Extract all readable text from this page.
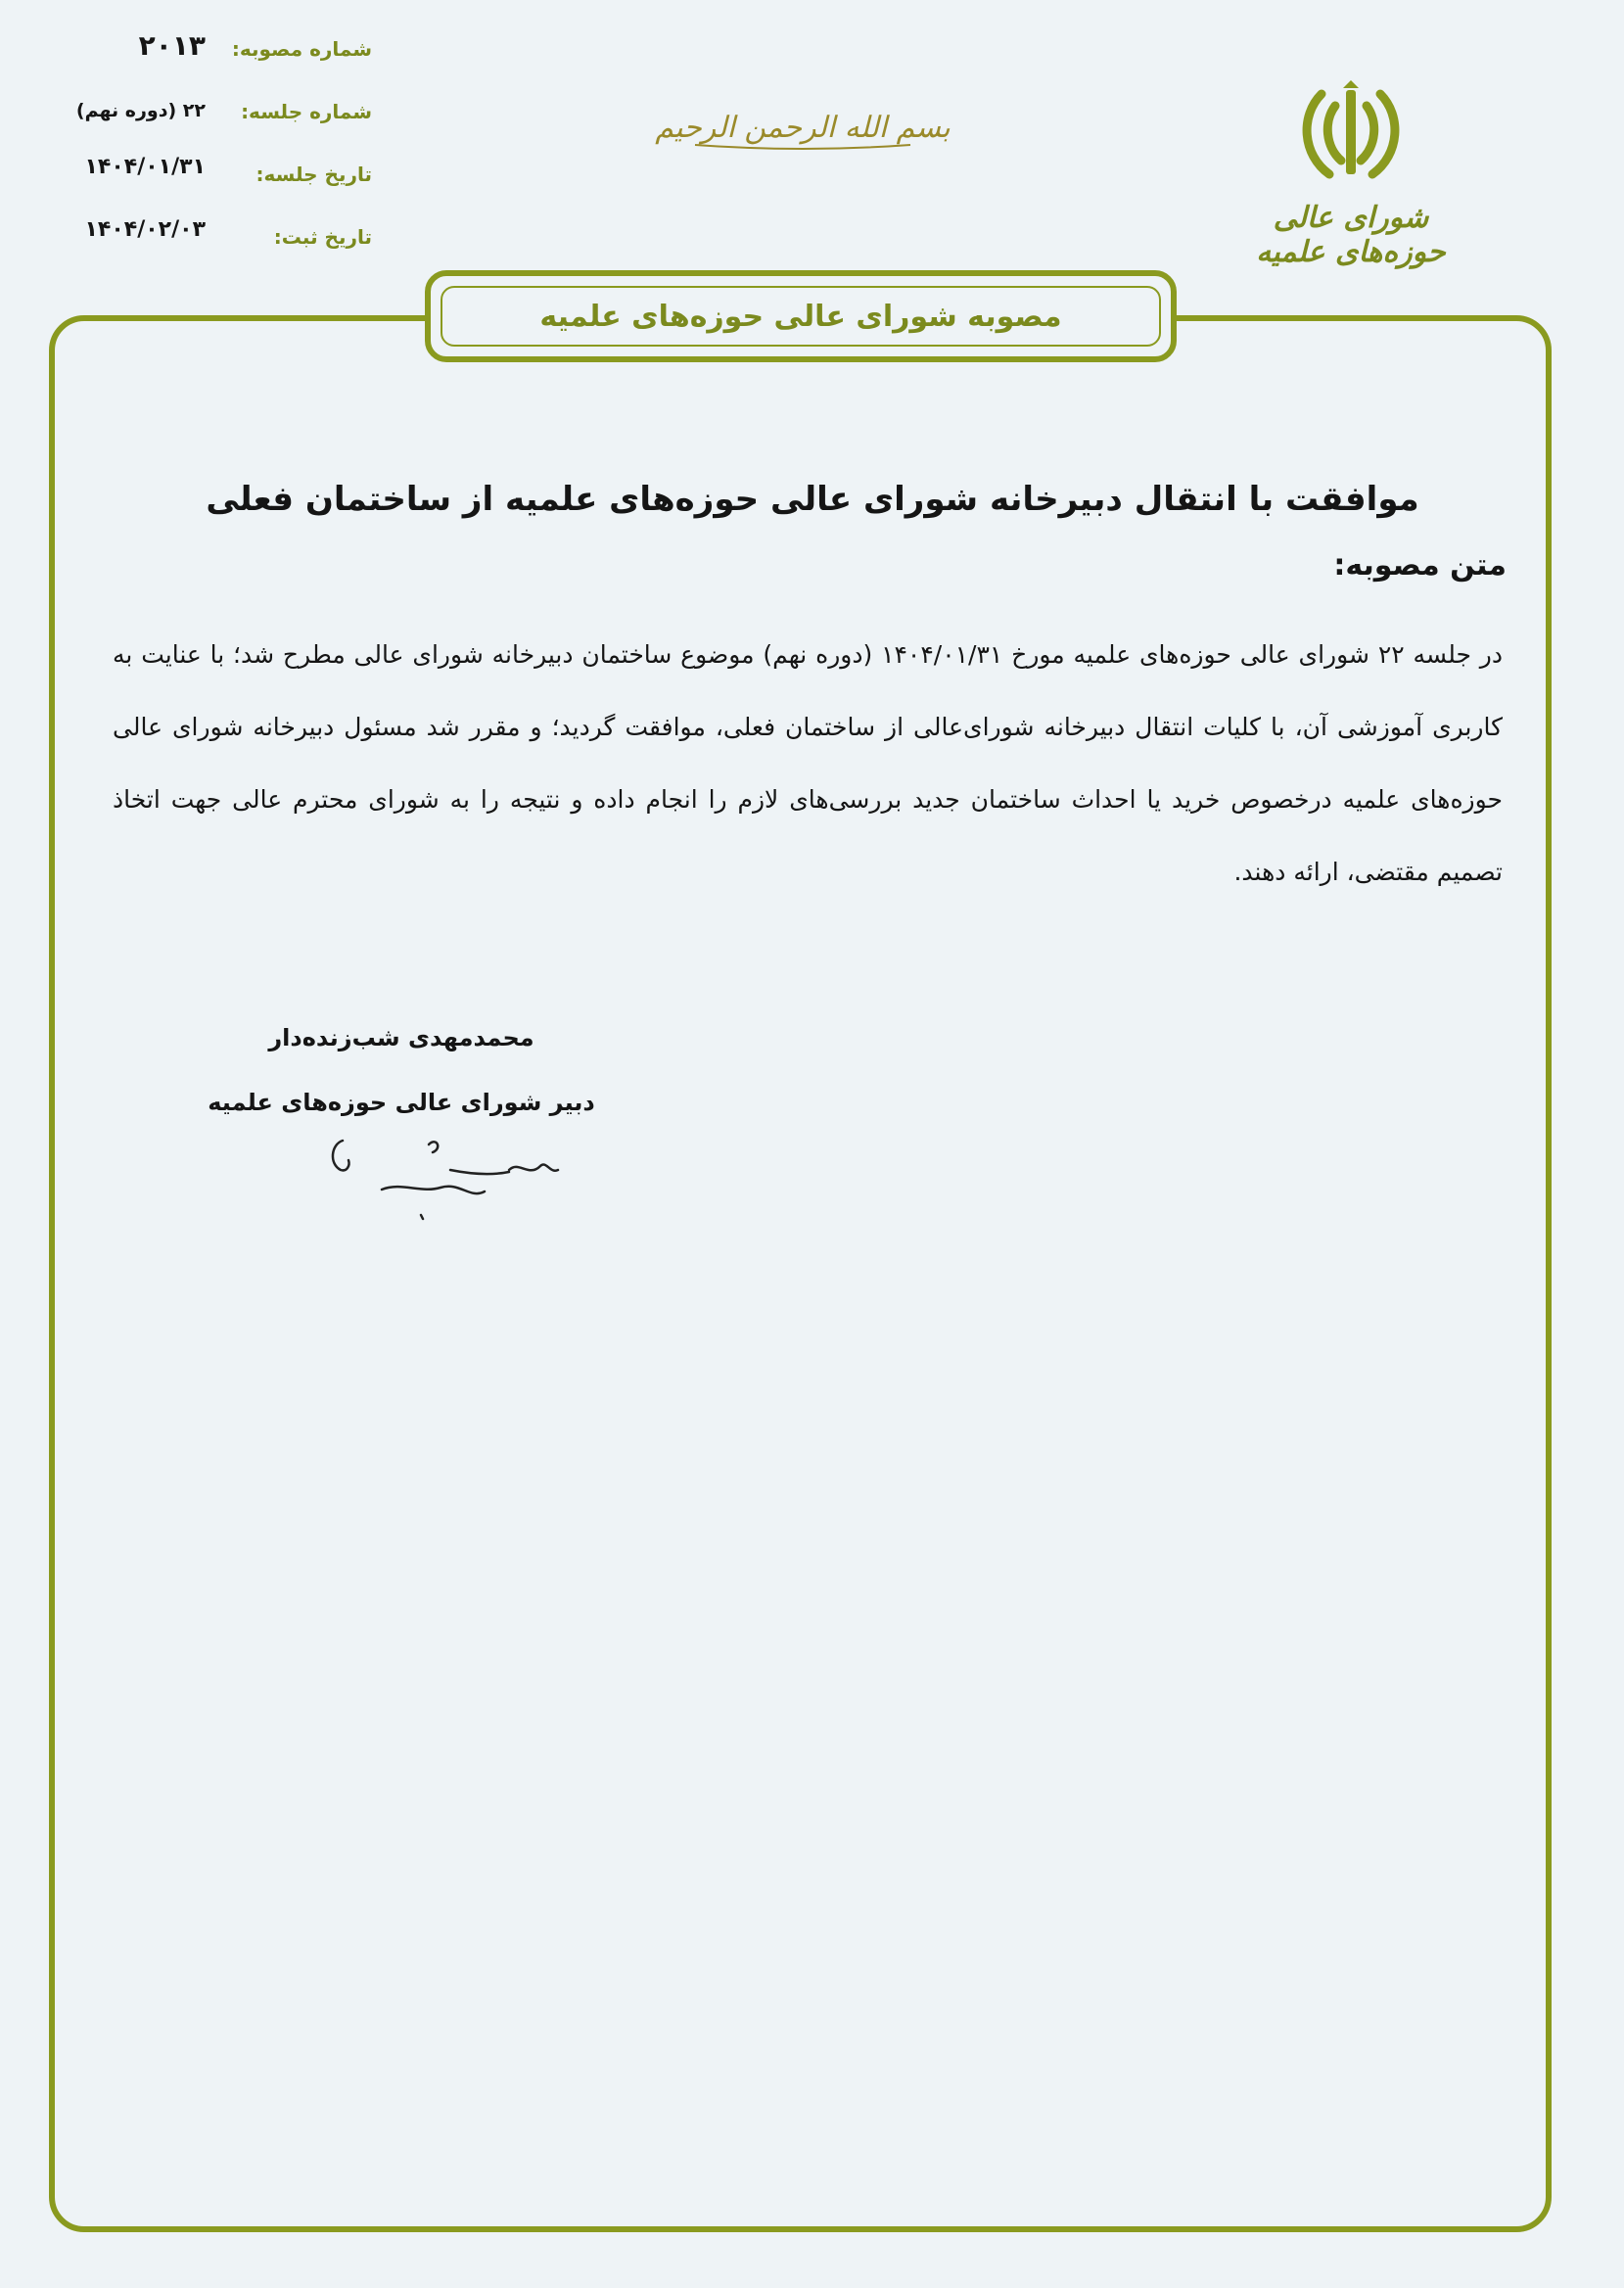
شماره مصوبه:
۲۰۱۳
شماره جلسه:
۲۲ (دوره نهم)
تاریخ جلسه:
۱۴۰۴/۰۱/۳۱
تاریخ ثبت:
۱۴۰۴/۰۲/۰۳
بسم الله الرحمن الرحیم
شورای عالی حوزه‌های علمیه
مصوبه شورای عالی حوزه‌های علمیه
موافقت با انتقال دبیرخانه شورای عالی حوزه‌های علمیه از ساختمان فعلی
متن مصوبه:
در جلسه ۲۲ شورای عالی حوزه‌های علمیه مورخ ۱۴۰۴/۰۱/۳۱ (دوره نهم) موضوع ساختمان دبیرخانه شورای عالی مطرح شد؛ با عنایت به کاربری آموزشی آن، با کلیات انتقال دبیرخانه شورای‌عالی از ساختمان فعلی، موافقت گردید؛ و مقرر شد مسئول دبیرخانه شورای عالی حوزه‌های علمیه درخصوص خرید یا احداث ساختمان جدید بررسی‌های لازم را انجام داده و نتیجه را به شورای محترم عالی جهت اتخاذ تصمیم مقتضی، ارائه دهند.
محمدمهدی شب‌زنده‌دار
دبیر شورای عالی حوزه‌های علمیه
